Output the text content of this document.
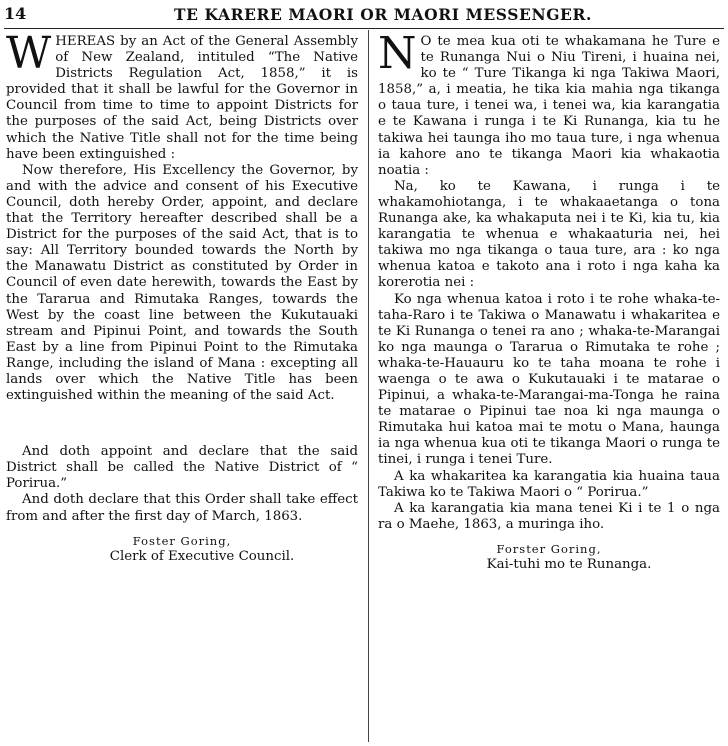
14	TE KARERE MAORI OR MAORI MESSENGER.

WHEREAS by an Act of the General Assembly of New Zealand, intituled “The Native Districts Regulation Act, 1858,” it is provided that it shall be lawful for the Governor in Council from time to time to appoint Districts for the purposes of the said Act, being Districts over which the Native Title shall not for the time being have been extinguished :

Now therefore, His Excellency the Governor, by and with the advice and consent of his Executive Council, doth hereby Order, appoint, and declare that the Territory hereafter described shall be a District for the purposes of the said Act, that is to say: All Territory bounded towards the North by the Manawatu District as constituted by Order in Council of even date herewith, towards the East by the Tararua and Rimutaka Ranges, towards the West by the coast line between the Kukutauaki stream and Pipinui Point, and towards the South East by a line from Pipinui Point to the Rimutaka Range, including the island of Mana : excepting all lands over which the Native Title has been extinguished within the meaning of the said Act.

And doth appoint and declare that the said District shall be called the Native District of “ Porirua.”

And doth declare that this Order shall take effect from and after the first day of March, 1863.

Foster Goring,
Clerk of Executive Council.

N O te mea kua oti te whakamana he Ture e te Runanga Nui o Niu Tireni, i huaina nei, ko te “ Ture Tikanga ki nga Takiwa Maori, 1858,” a, i meatia, he tika kia mahia nga tikanga o taua ture, i tenei wa, i tenei wa, kia karangatia e te Kawana i runga i te Ki Runanga, kia tu he takiwa hei taunga iho mo taua ture, i nga whenua ia kahore ano te tikanga Maori kia whakaotia noatia :

Na, ko te Kawana, i runga i te whakamohiotanga, i te whakaaetanga o tona Runanga ake, ka whakaputa nei i te Ki, kia tu, kia karangatia te whenua e whakaaturia nei, hei takiwa mo nga tikanga o taua ture, ara : ko nga whenua katoa e takoto ana i roto i nga kaha ka korerotia nei :

Ko nga whenua katoa i roto i te rohe whaka-te-taha-Raro i te Takiwa o Manawatu i whakaritea e te Ki Runanga o tenei ra ano ; whaka-te-Marangai ko nga maunga o Tararua o Rimutaka te rohe ; whaka-te-Hauauru ko te taha moana te rohe i waenga o te awa o Kukutauaki i te matarae o Pipinui, a whaka-te-Marangai-ma-Tonga he raina te matarae o Pipinui tae noa ki nga maunga o Rimutaka hui katoa mai te motu o Mana, haunga ia nga whenua kua oti te tikanga Maori o runga te tinei, i runga i tenei Ture.

A ka whakaritea ka karangatia kia huaina taua Takiwa ko te Takiwa Maori o “ Porirua.”

A ka karangatia kia mana tenei Ki i te 1 o nga ra o Maehe, 1863, a muringa iho.

Forster Goring,
Kai-tuhi mo te Runanga.
